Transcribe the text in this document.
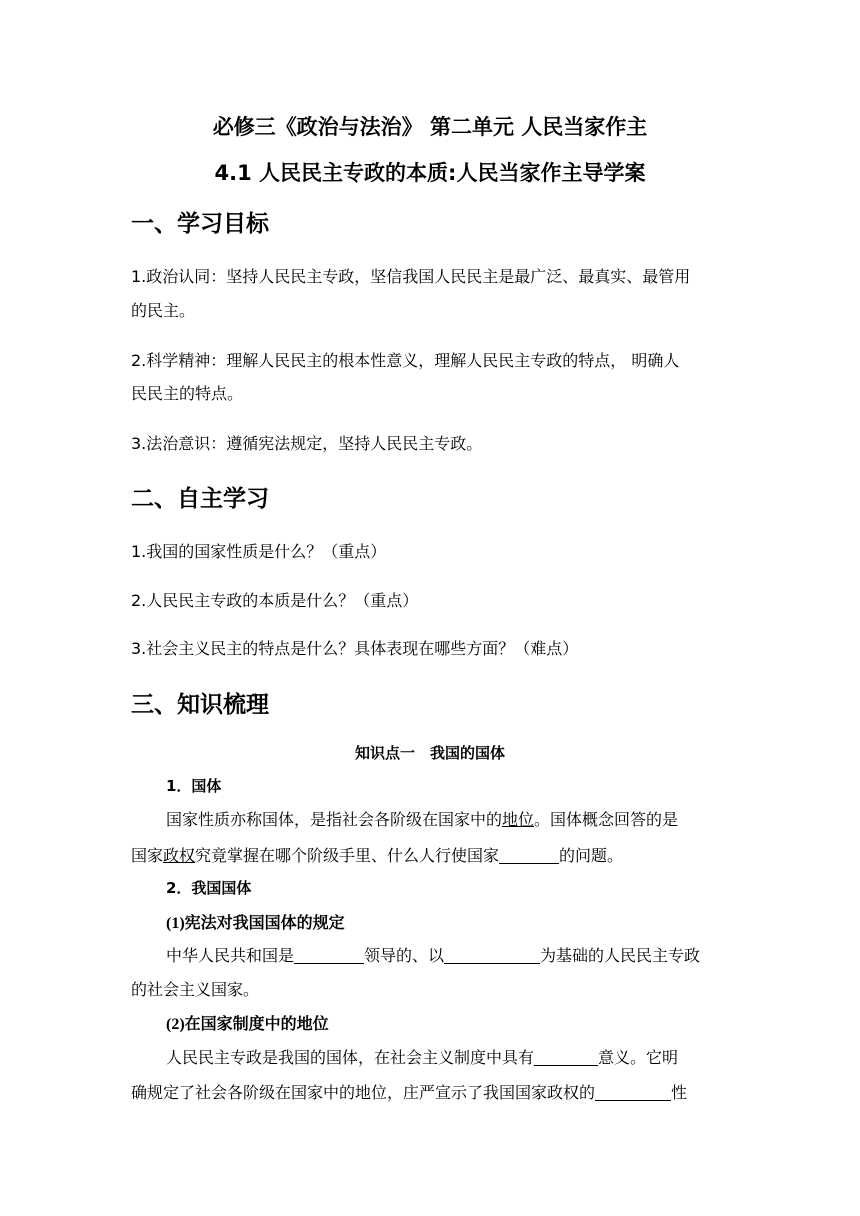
必修三《政治与法治》 第二单元 人民当家作主
4.1 人民民主专政的本质:人民当家作主导学案
一、学习目标
1.政治认同：坚持人民民主专政，坚信我国人民民主是最广泛、最真实、最管用
的民主。
2.科学精神：理解人民民主的根本性意义，理解人民民主专政的特点， 明确人
民民主的特点。
3.法治意识：遵循宪法规定，坚持人民民主专政。
二、自主学习
1.我国的国家性质是什么？（重点）
2.人民民主专政的本质是什么？（重点）
3.社会主义民主的特点是什么？具体表现在哪些方面？（难点）
三、知识梳理
知识点一　我国的国体
1．国体
国家性质亦称国体，是指社会各阶级在国家中的地位。国体概念回答的是
国家政权究竟掌握在哪个阶级手里、什么人行使国家	的问题。
2．我国国体
(1)宪法对我国国体的规定
中华人民共和国是	领导的、以	为基础的人民民主专政
的社会主义国家。
(2)在国家制度中的地位
人民民主专政是我国的国体，在社会主义制度中具有	意义。它明
确规定了社会各阶级在国家中的地位，庄严宣示了我国国家政权的	性
